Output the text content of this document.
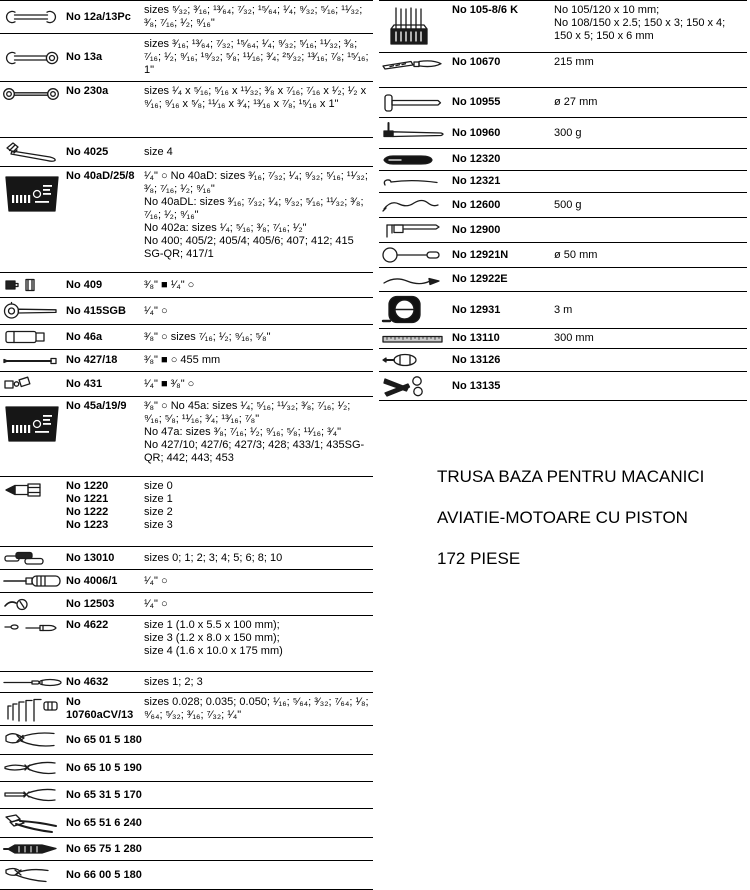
No 12a/13Pc
sizes ⁵⁄₃₂; ³⁄₁₆; ¹³⁄₆₄; ⁷⁄₃₂; ¹⁵⁄₆₄; ¹⁄₄; ⁹⁄₃₂; ⁵⁄₁₆; ¹¹⁄₃₂; ³⁄₈; ⁷⁄₁₆; ¹⁄₂; ⁹⁄₁₆"
No 13a
sizes ³⁄₁₆; ¹³⁄₆₄; ⁷⁄₃₂; ¹⁵⁄₆₄; ¹⁄₄; ⁹⁄₃₂; ⁵⁄₁₆; ¹¹⁄₃₂; ³⁄₈; ⁷⁄₁₆; ¹⁄₂; ⁹⁄₁₆; ¹⁹⁄₃₂; ⁵⁄₈; ¹¹⁄₁₆; ³⁄₄; ²⁵⁄₃₂; ¹³⁄₁₆; ⁷⁄₈; ¹⁵⁄₁₆; 1"
No 230a	sizes ¹⁄₄ x ⁵⁄₁₆; ⁵⁄₁₆ x ¹¹⁄₃₂; ³⁄₈ x ⁷⁄₁₆; ⁷⁄₁₆ x ¹⁄₂; ¹⁄₂ x ⁹⁄₁₆; ⁹⁄₁₆ x ⁵⁄₈; ¹¹⁄₁₆ x ³⁄₄; ¹³⁄₁₆ x ⁷⁄₈; ¹⁵⁄₁₆ x 1"
No 4025	size 4
No 40aD/25/8 ¹⁄₄" ○ No 40aD: sizes ³⁄₁₆; ⁷⁄₃₂; ¹⁄₄; ⁹⁄₃₂; ⁵⁄₁₆; ¹¹⁄₃₂; ³⁄₈; ⁷⁄₁₆; ¹⁄₂; ⁹⁄₁₆"
No 40aDL: sizes ³⁄₁₆; ⁷⁄₃₂; ¹⁄₄; ⁹⁄₃₂; ⁵⁄₁₆; ¹¹⁄₃₂; ³⁄₈; ⁷⁄₁₆; ¹⁄₂; ⁹⁄₁₆"
No 402a: sizes ¹⁄₄; ⁵⁄₁₆; ³⁄₈; ⁷⁄₁₆; ¹⁄₂"
No 400; 405/2; 405/4; 405/6; 407; 412; 415 SG-QR; 417/1
No 409	³⁄₈" ■ ¹⁄₄" ○
No 415SGB	¹⁄₄" ○
No 46a	³⁄₈" ○ sizes ⁷⁄₁₆; ¹⁄₂; ⁹⁄₁₆; ⁵⁄₈"
No 427/18	³⁄₈" ■ ○ 455 mm
No 431	¹⁄₄" ■ ³⁄₈" ○
No 45a/19/9	³⁄₈" ○ No 45a: sizes ¹⁄₄; ⁵⁄₁₆; ¹¹⁄₃₂; ³⁄₈; ⁷⁄₁₆; ¹⁄₂; ⁹⁄₁₆; ⁵⁄₈; ¹¹⁄₁₆; ³⁄₄; ¹³⁄₁₆; ⁷⁄₈"
No 47a: sizes ³⁄₈; ⁷⁄₁₆; ¹⁄₂; ⁹⁄₁₆; ⁵⁄₈; ¹¹⁄₁₆; ³⁄₄"
No 427/10; 427/6; 427/3; 428; 433/1; 435SG-QR; 442; 443; 453
No 1220
No 1221
No 1222
No 1223
size 0
size 1
size 2
size 3
No 13010	sizes 0; 1; 2; 3; 4; 5; 6; 8; 10
No 4006/1	¹⁄₄" ○
No 12503	¹⁄₄" ○
No 4622	size 1 (1.0 x 5.5 x 100 mm);
size 3 (1.2 x 8.0 x 150 mm);
size 4 (1.6 x 10.0 x 175 mm)
No 4632	sizes 1; 2; 3
No 10760aCV/13
sizes 0.028; 0.035; 0.050; ¹⁄₁₆; ⁵⁄₆₄; ³⁄₃₂; ⁷⁄₆₄; ¹⁄₈; ⁹⁄₆₄; ⁵⁄₃₂; ³⁄₁₆; ⁷⁄₃₂; ¹⁄₄"
No 65 01 5 180
No 65 10 5 190
No 65 31 5 170
No 65 51 6 240
No 65 75 1 280
No 66 00 5 180
No 105-8/6 K	No 105/120 x 10 mm;
No 108/150 x 2.5; 150 x 3; 150 x 4;
150 x 5; 150 x 6 mm
No 10670	215 mm
No 10955	ø 27 mm
No 10960	300 g
No 12320
No 12321
No 12600	500 g
No 12900
No 12921N	ø 50 mm
No 12922E
No 12931	3 m
No 13110	300 mm
No 13126
No 13135
TRUSA BAZA PENTRU MACANICI
AVIATIE-MOTOARE CU PISTON
172 PIESE
